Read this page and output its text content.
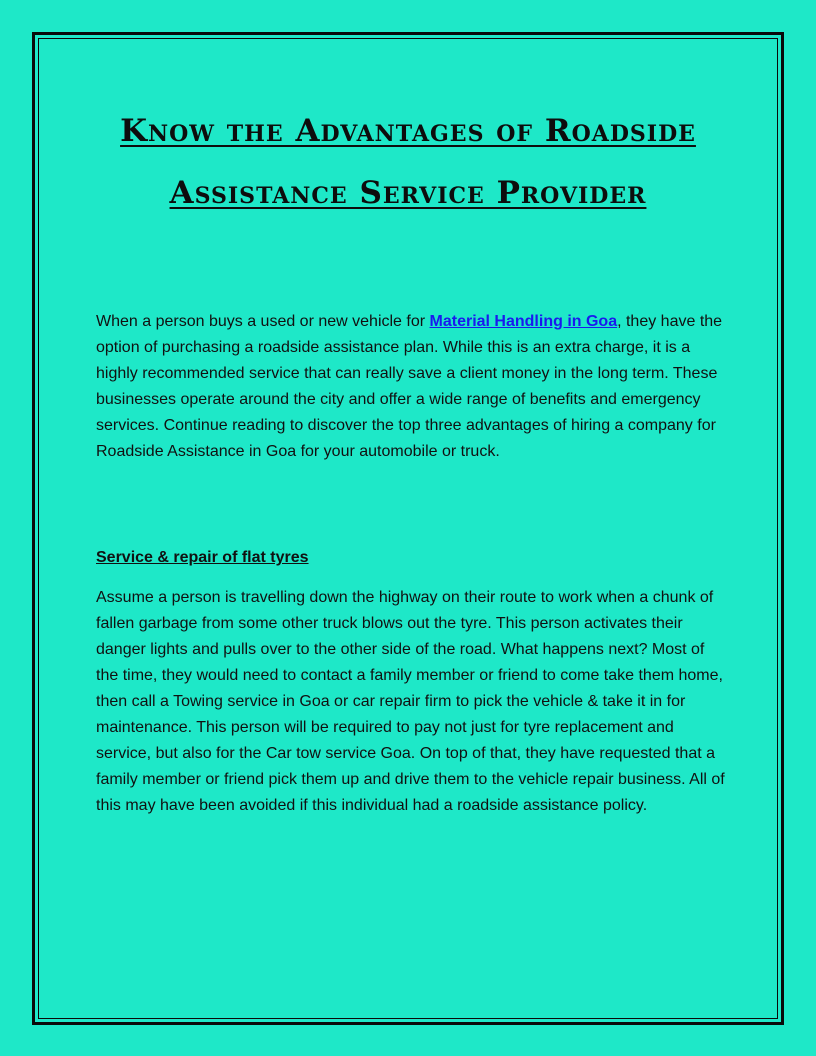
Know the Advantages of Roadside Assistance Service Provider

When a person buys a used or new vehicle for Material Handling in Goa, they have the option of purchasing a roadside assistance plan. While this is an extra charge, it is a highly recommended service that can really save a client money in the long term. These businesses operate around the city and offer a wide range of benefits and emergency services. Continue reading to discover the top three advantages of hiring a company for Roadside Assistance in Goa for your automobile or truck.

Service & repair of flat tyres

Assume a person is travelling down the highway on their route to work when a chunk of fallen garbage from some other truck blows out the tyre. This person activates their danger lights and pulls over to the other side of the road. What happens next? Most of the time, they would need to contact a family member or friend to come take them home, then call a Towing service in Goa or car repair firm to pick the vehicle & take it in for maintenance. This person will be required to pay not just for tyre replacement and service, but also for the Car tow service Goa. On top of that, they have requested that a family member or friend pick them up and drive them to the vehicle repair business. All of this may have been avoided if this individual had a roadside assistance policy.
